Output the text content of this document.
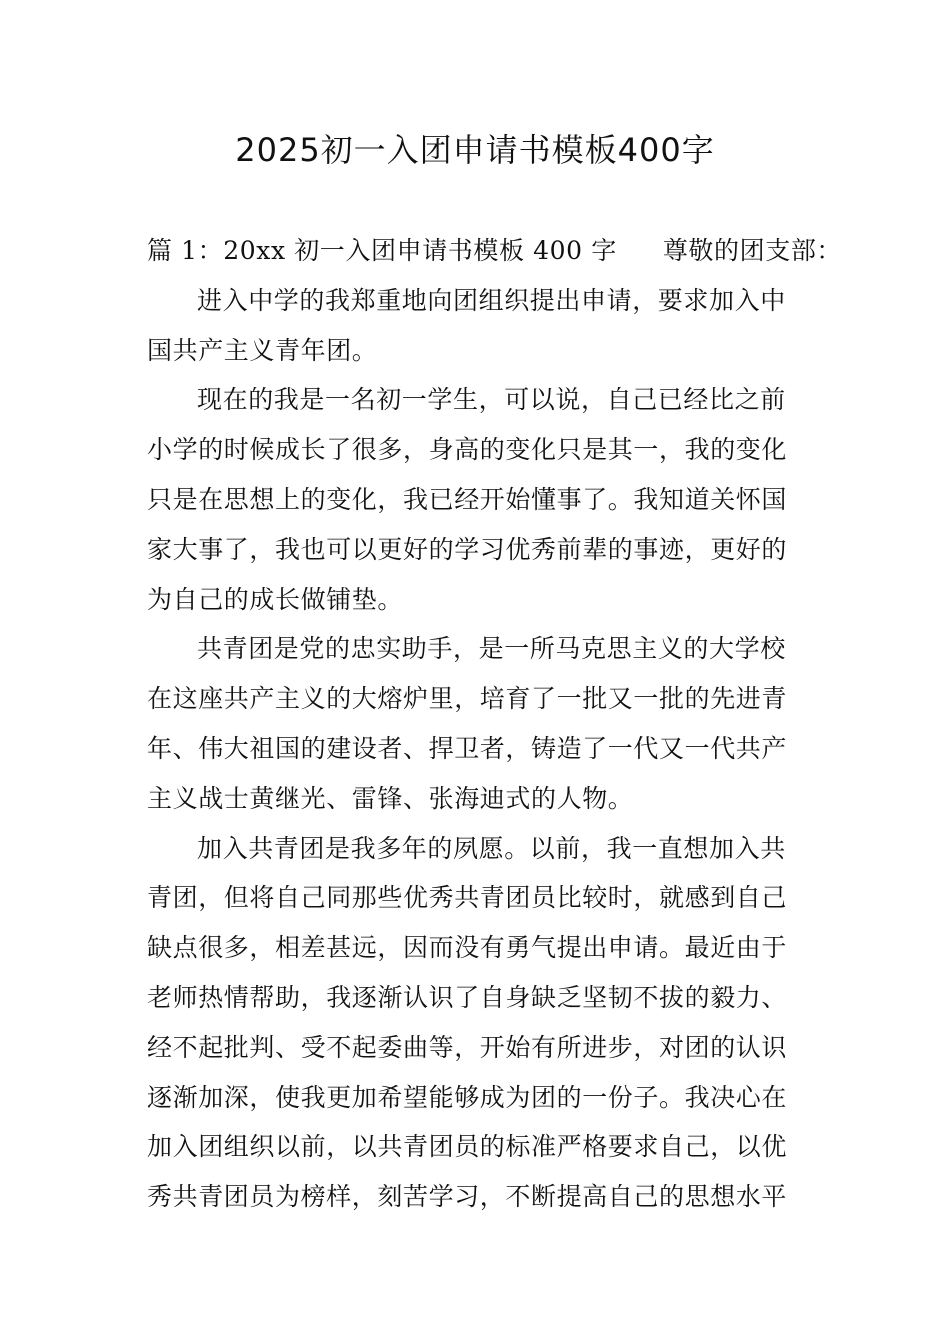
2025初一入团申请书模板400字
篇 1：20xx 初一入团申请书模板 400 字 尊敬的团支部：
进入中学的我郑重地向团组织提出申请，要求加入中
国共产主义青年团。
现在的我是一名初一学生，可以说，自己已经比之前
小学的时候成长了很多，身高的变化只是其一，我的变化
只是在思想上的变化，我已经开始懂事了。我知道关怀国
家大事了，我也可以更好的学习优秀前辈的事迹，更好的
为自己的成长做铺垫。
共青团是党的忠实助手，是一所马克思主义的大学校
在这座共产主义的大熔炉里，培育了一批又一批的先进青
年、伟大祖国的建设者、捍卫者，铸造了一代又一代共产
主义战士黄继光、雷锋、张海迪式的人物。
加入共青团是我多年的夙愿。以前，我一直想加入共
青团，但将自己同那些优秀共青团员比较时，就感到自己
缺点很多，相差甚远，因而没有勇气提出申请。最近由于
老师热情帮助，我逐渐认识了自身缺乏坚韧不拔的毅力、
经不起批判、受不起委曲等，开始有所进步，对团的认识
逐渐加深，使我更加希望能够成为团的一份子。我决心在
加入团组织以前，以共青团员的标准严格要求自己，以优
秀共青团员为榜样，刻苦学习，不断提高自己的思想水平
